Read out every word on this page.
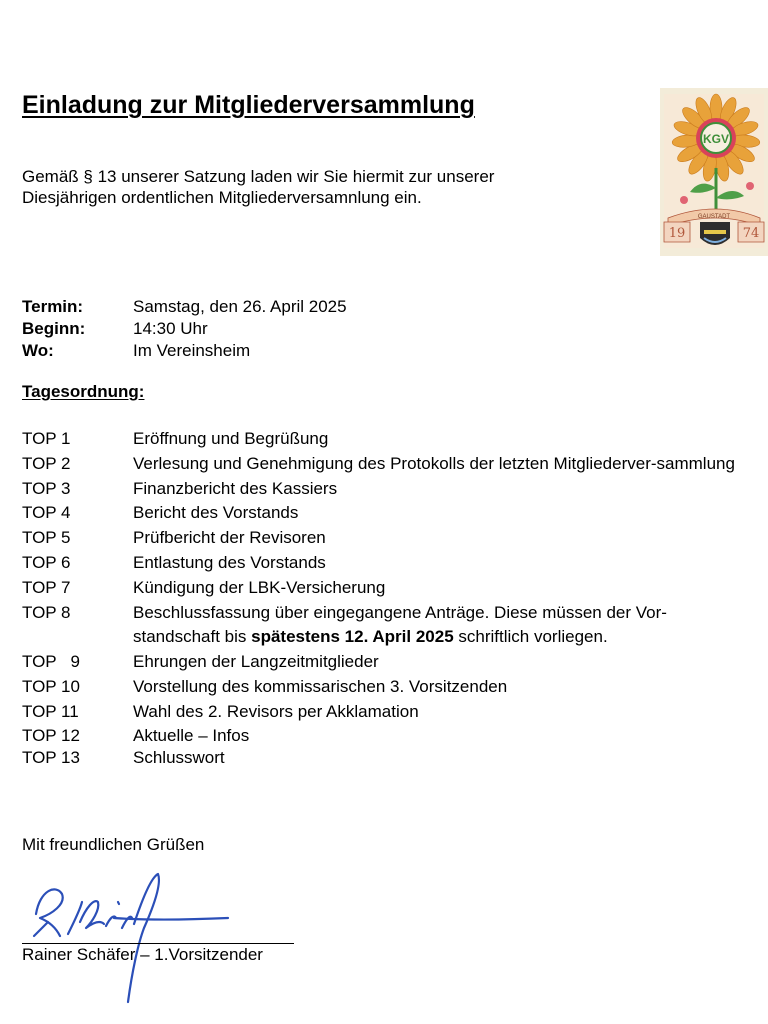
Einladung zur Mitgliederversammlung
Gemäß § 13 unserer Satzung laden wir Sie hiermit zur unserer
Diesjährigen ordentlichen Mitgliederversamnlung ein.
KGV
GAUSTADT
19	74
Termin:	Samstag, den 26. April 2025
Beginn:	14:30 Uhr
Wo:	Im Vereinsheim
Tagesordnung:
TOP 1	Eröffnung und Begrüßung
TOP 2	Verlesung und Genehmigung des Protokolls der letzten Mitgliederver-sammlung
TOP 3	Finanzbericht des Kassiers
TOP 4	Bericht des Vorstands
TOP 5	Prüfbericht der Revisoren
TOP 6	Entlastung des Vorstands
TOP 7	Kündigung der LBK-Versicherung
TOP 8	Beschlussfassung über eingegangene Anträge. Diese müssen der Vor-standschaft bis spätestens 12. April 2025 schriftlich vorliegen.
TOP   9	Ehrungen der Langzeitmitglieder
TOP 10	Vorstellung des kommissarischen 3. Vorsitzenden
TOP 11	Wahl des 2. Revisors per Akklamation
TOP 12	Aktuelle – Infos
TOP 13	Schlusswort
Mit freundlichen Grüßen
Rainer Schäfer – 1.Vorsitzender
